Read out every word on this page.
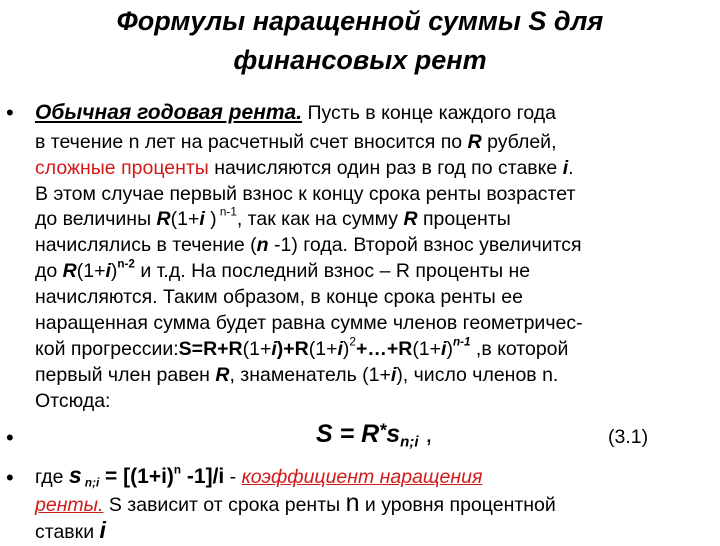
Формулы наращенной суммы S для
финансовых рент
• Обычная годовая рента. Пусть в конце каждого года
в течение n лет на расчетный счет вносится по R рублей,
сложные проценты начисляются один раз в год по ставке i.
В этом случае первый взнос к концу срока ренты возрастет
до величины R(1+i ) $^{n-1}$, так как на сумму R проценты
начислялись в течение (n -1) года. Второй взнос увеличится
до $R(1+i)^{n-2}$ и т.д. На последний взнос – R проценты не
начисляются. Таким образом, в конце срока ренты ее
наращенная сумма будет равна сумме членов геометричес-
кой $прогрессии:S=R+R(1+i)+R(1+i)^2+\dots+R(1+i)^{n-1}$ ,в которой
первый член равен R, знаменатель (1+i), число членов n.
Отсюда:
•	$S = R^*s_{n;i}$ ,	(3.1)
• где s $_{n;i} = [(1+i)^n$ -1]/i - коэффициент наращения
ренты. S зависит от срока ренты n и уровня процентной
ставки i
